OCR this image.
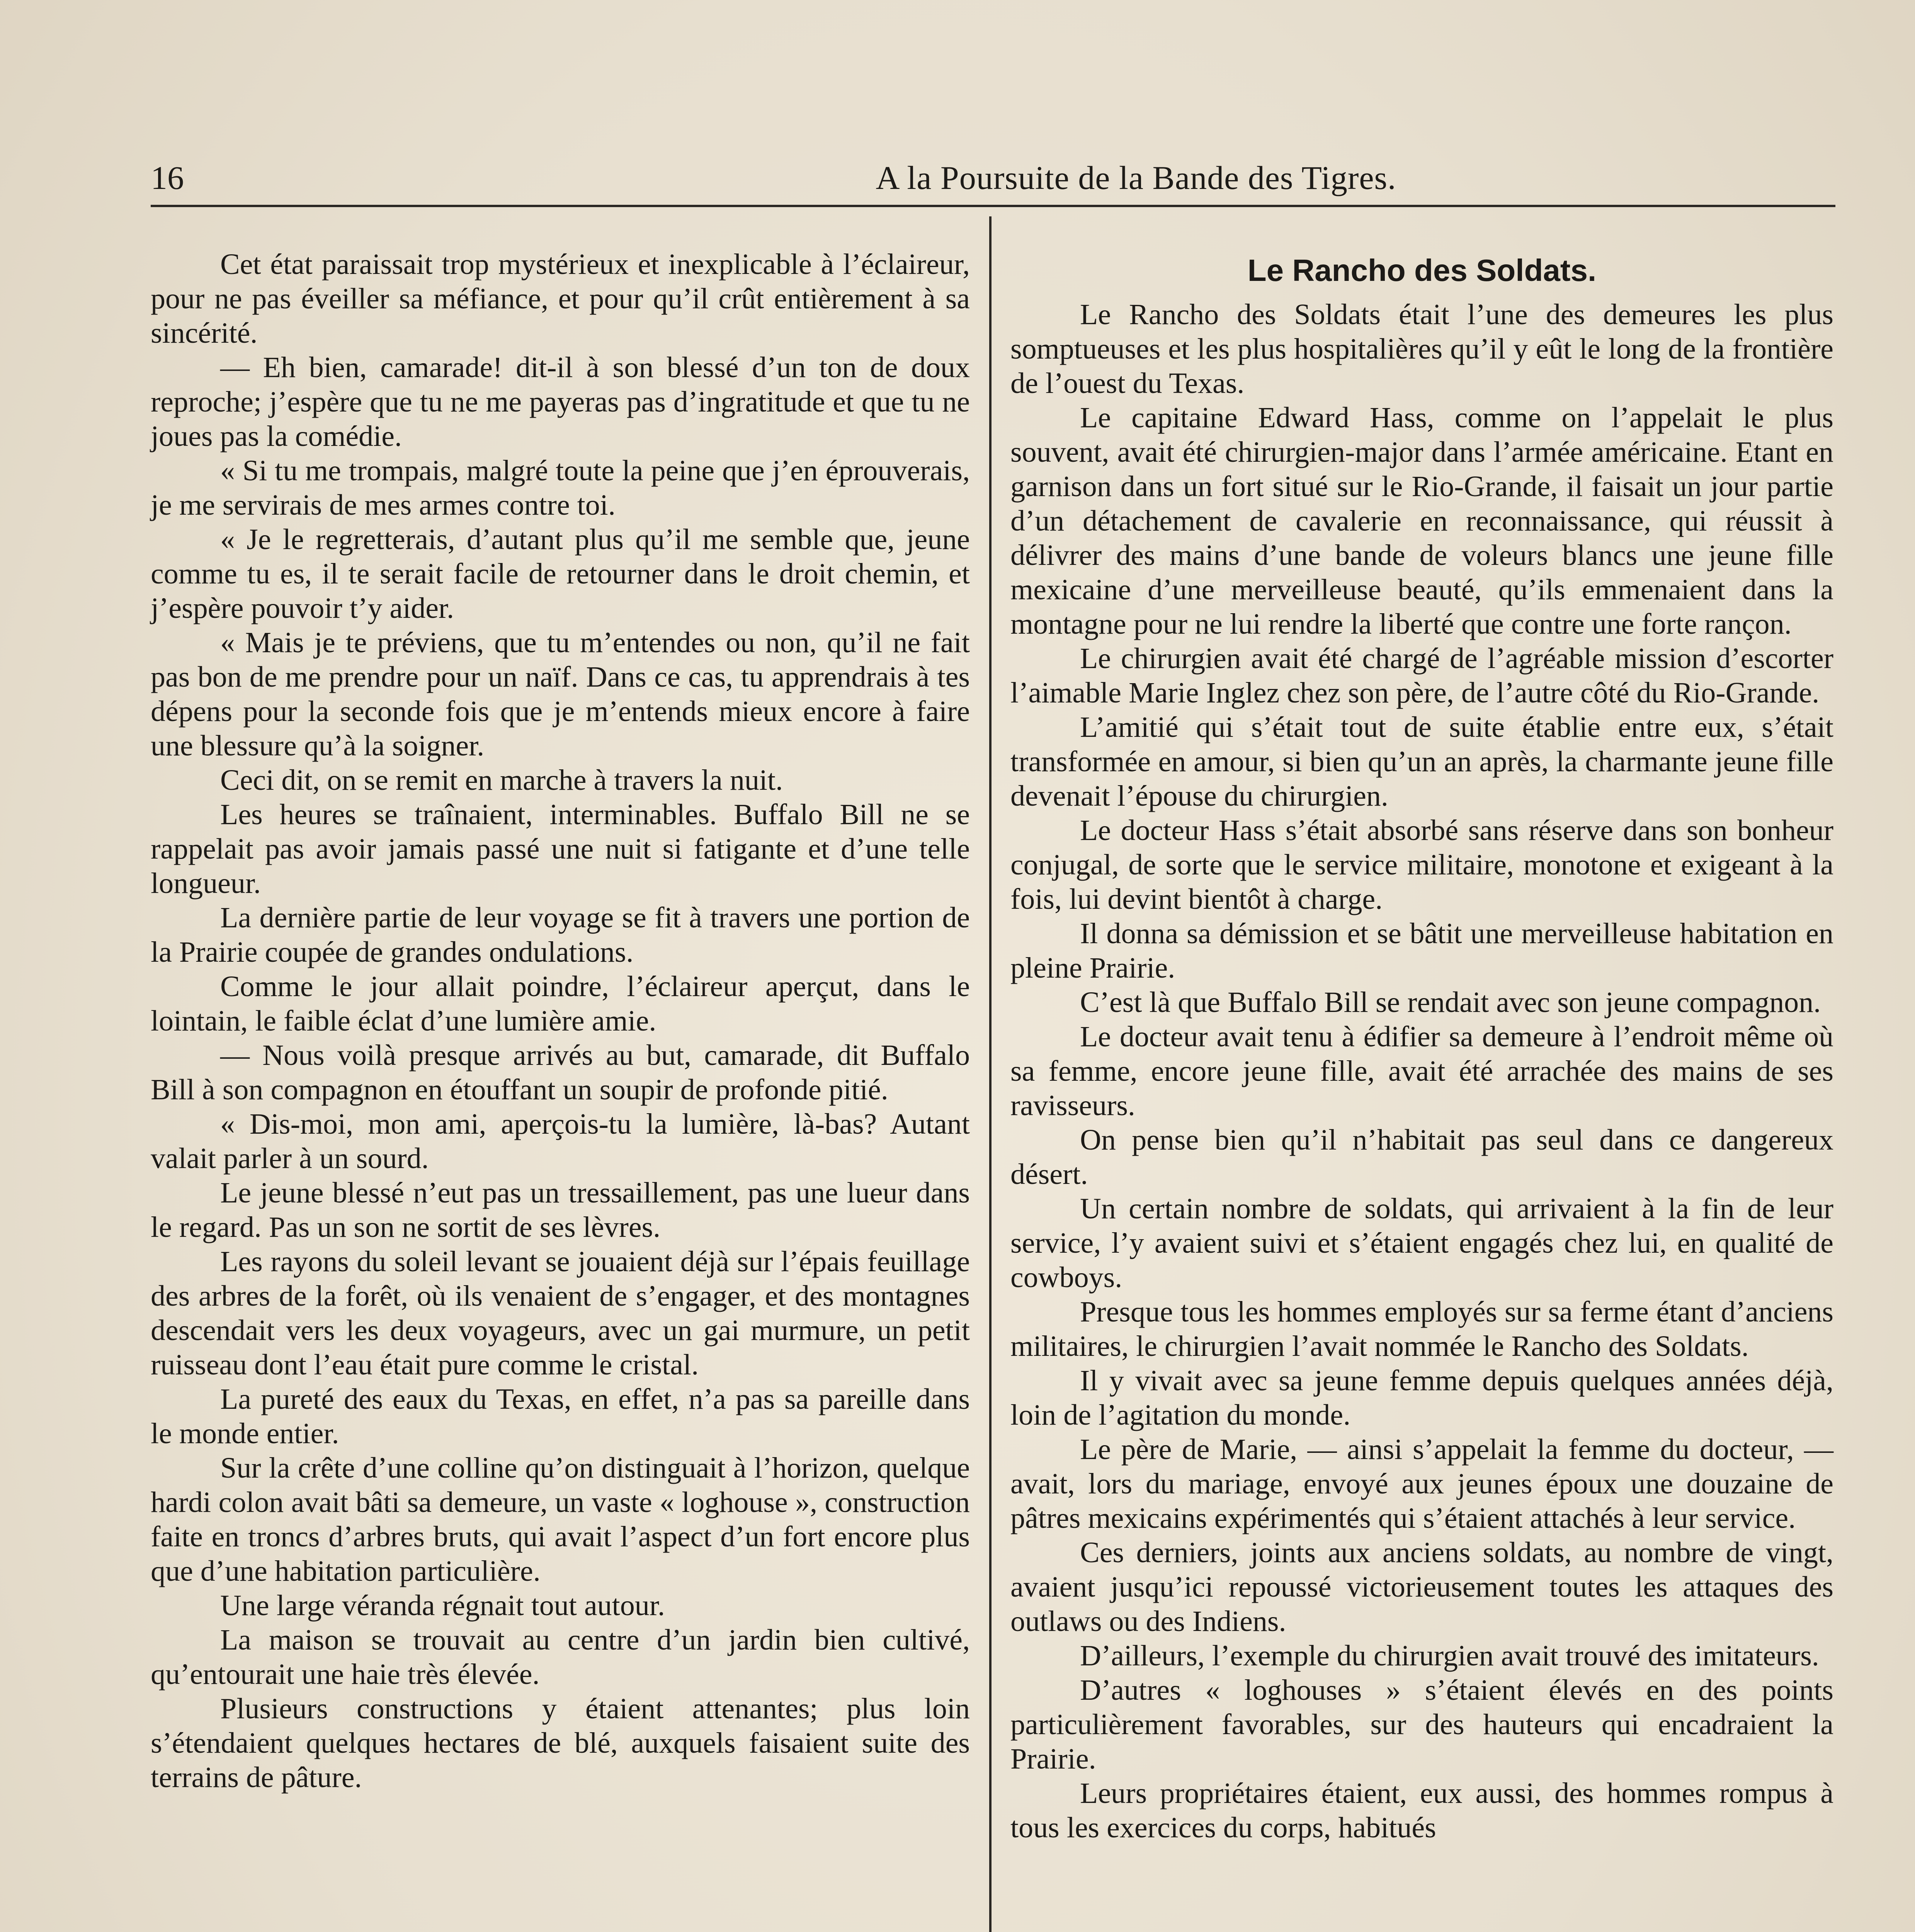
16	A la Poursuite de la Bande des Tigres.

Cet état paraissait trop mystérieux et inexplicable à l’éclaireur, pour ne pas éveiller sa méfiance, et pour qu’il crût entièrement à sa sincérité.

— Eh bien, camarade! dit-il à son blessé d’un ton de doux reproche; j’espère que tu ne me payeras pas d’ingratitude et que tu ne joues pas la comédie.

« Si tu me trompais, malgré toute la peine que j’en éprouverais, je me servirais de mes armes contre toi.

« Je le regretterais, d’autant plus qu’il me semble que, jeune comme tu es, il te serait facile de retourner dans le droit chemin, et j’espère pouvoir t’y aider.

« Mais je te préviens, que tu m’entendes ou non, qu’il ne fait pas bon de me prendre pour un naïf. Dans ce cas, tu apprendrais à tes dépens pour la seconde fois que je m’entends mieux encore à faire une blessure qu’à la soigner.

Ceci dit, on se remit en marche à travers la nuit.

Les heures se traînaient, interminables. Buffalo Bill ne se rappelait pas avoir jamais passé une nuit si fatigante et d’une telle longueur.

La dernière partie de leur voyage se fit à travers une portion de la Prairie coupée de grandes ondulations.

Comme le jour allait poindre, l’éclaireur aperçut, dans le lointain, le faible éclat d’une lumière amie.

— Nous voilà presque arrivés au but, camarade, dit Buffalo Bill à son compagnon en étouffant un soupir de profonde pitié.

« Dis-moi, mon ami, aperçois-tu la lumière, là-bas? Autant valait parler à un sourd.

Le jeune blessé n’eut pas un tressaillement, pas une lueur dans le regard. Pas un son ne sortit de ses lèvres.

Les rayons du soleil levant se jouaient déjà sur l’épais feuillage des arbres de la forêt, où ils venaient de s’engager, et des montagnes descendait vers les deux voyageurs, avec un gai murmure, un petit ruisseau dont l’eau était pure comme le cristal.

La pureté des eaux du Texas, en effet, n’a pas sa pareille dans le monde entier.

Sur la crête d’une colline qu’on distinguait à l’horizon, quelque hardi colon avait bâti sa demeure, un vaste « loghouse », construction faite en troncs d’arbres bruts, qui avait l’aspect d’un fort encore plus que d’une habitation particulière.

Une large véranda régnait tout autour.

La maison se trouvait au centre d’un jardin bien cultivé, qu’entourait une haie très élevée.

Plusieurs constructions y étaient attenantes; plus loin s’étendaient quelques hectares de blé, auxquels faisaient suite des terrains de pâture.

Le Rancho des Soldats.

Le Rancho des Soldats était l’une des demeures les plus somptueuses et les plus hospitalières qu’il y eût le long de la frontière de l’ouest du Texas.

Le capitaine Edward Hass, comme on l’appelait le plus souvent, avait été chirurgien-major dans l’armée américaine. Etant en garnison dans un fort situé sur le Rio-Grande, il faisait un jour partie d’un détachement de cavalerie en reconnaissance, qui réussit à délivrer des mains d’une bande de voleurs blancs une jeune fille mexicaine d’une merveilleuse beauté, qu’ils emmenaient dans la montagne pour ne lui rendre la liberté que contre une forte rançon.

Le chirurgien avait été chargé de l’agréable mission d’escorter l’aimable Marie Inglez chez son père, de l’autre côté du Rio-Grande.

L’amitié qui s’était tout de suite établie entre eux, s’était transformée en amour, si bien qu’un an après, la charmante jeune fille devenait l’épouse du chirurgien.

Le docteur Hass s’était absorbé sans réserve dans son bonheur conjugal, de sorte que le service militaire, monotone et exigeant à la fois, lui devint bientôt à charge.

Il donna sa démission et se bâtit une merveilleuse habitation en pleine Prairie.

C’est là que Buffalo Bill se rendait avec son jeune compagnon.

Le docteur avait tenu à édifier sa demeure à l’endroit même où sa femme, encore jeune fille, avait été arrachée des mains de ses ravisseurs.

On pense bien qu’il n’habitait pas seul dans ce dangereux désert.

Un certain nombre de soldats, qui arrivaient à la fin de leur service, l’y avaient suivi et s’étaient engagés chez lui, en qualité de cowboys.

Presque tous les hommes employés sur sa ferme étant d’anciens militaires, le chirurgien l’avait nommée le Rancho des Soldats.

Il y vivait avec sa jeune femme depuis quelques années déjà, loin de l’agitation du monde.

Le père de Marie, — ainsi s’appelait la femme du docteur, — avait, lors du mariage, envoyé aux jeunes époux une douzaine de pâtres mexicains expérimentés qui s’étaient attachés à leur service.

Ces derniers, joints aux anciens soldats, au nombre de vingt, avaient jusqu’ici repoussé victorieusement toutes les attaques des outlaws ou des Indiens.

D’ailleurs, l’exemple du chirurgien avait trouvé des imitateurs.

D’autres « loghouses » s’étaient élevés en des points particulièrement favorables, sur des hauteurs qui encadraient la Prairie.

Leurs propriétaires étaient, eux aussi, des hommes rompus à tous les exercices du corps, habitués
